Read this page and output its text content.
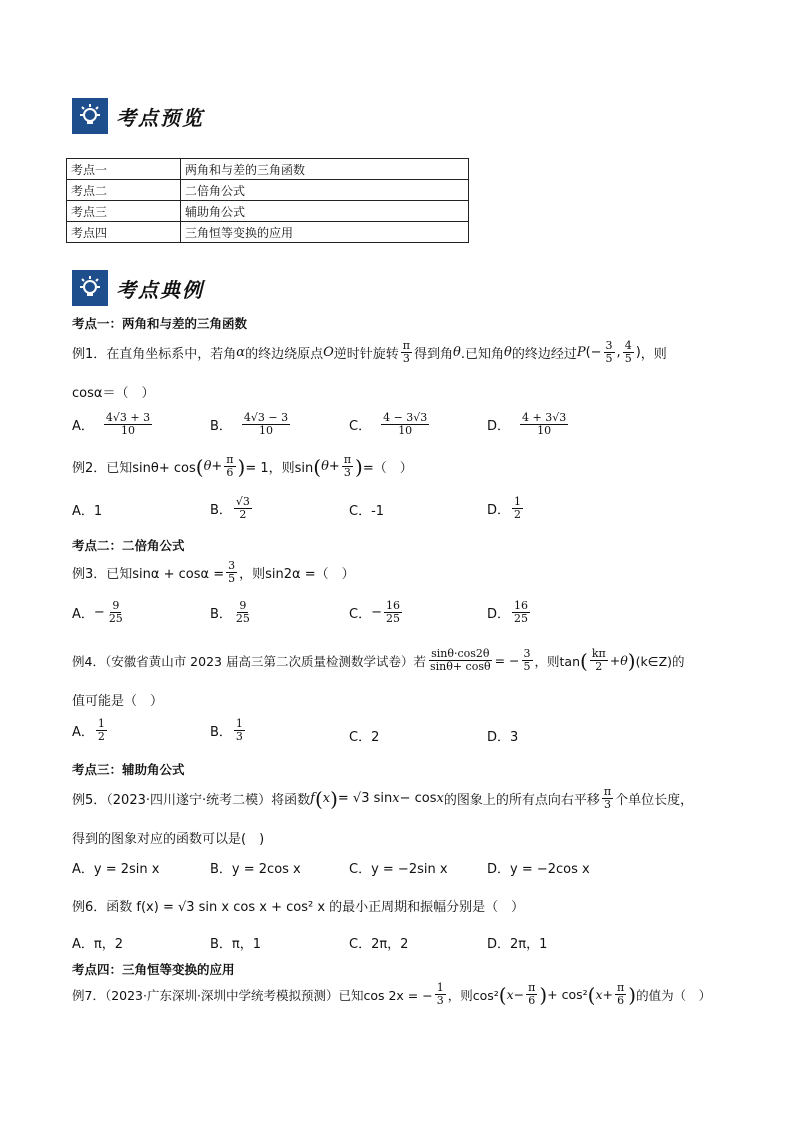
考点预览
考点一	两角和与差的三角函数
考点二	二倍角公式
考点三	辅助角公式
考点四	三角恒等变换的应用
考点典例
考点一：两角和与差的三角函数
例1．在直角坐标系中，若角 α 的终边绕原点 O 逆时针旋转 $\frac{\pi}{3}$ 得到角 θ .已知角 θ 的终边经过 P (− $\frac{3}{5}$ , $\frac{4}{5}$ ) ，则
cosα＝（　）
A． $\frac{4√3 + 3}{10}$	B． $\frac{4√3 - 3}{10}$	C． $\frac{4 - 3√3}{10}$	D． $\frac{4 + 3√3}{10}$
例2．已知sinθ+ cos ( $\theta + \frac{\pi}{6}$ ) = 1，则sin ( $\theta + \frac{\pi}{3}$ ) =（　）
A．1	B． $\frac{√3}{2}$	C．-1	D． $\frac{1}{2}$
考点二：二倍角公式
例3．已知$\sin\alpha + \cos\alpha = \frac{3}{5}$ ，则sin2α =（　）
A． − $\frac{9}{25}$	B． $\frac{9}{25}$	C． − $\frac{16}{25}$	D． $\frac{16}{25}$
例4．（安徽省黄山市 2023 届高三第二次质量检测数学试卷）若 $\frac{\sin\theta\cdot\cos 2\theta}{\sin\theta+ \cos\theta}$ = − $\frac{3}{5}$ ，则tan ( $\frac{k\pi}{2} + \theta$ ) (k∈Z)的
值可能是（　）
A． $\frac{1}{2}$	B． $\frac{1}{3}$	C．2	D．3
考点三：辅助角公式
例5．（2023·四川遂宁·统考二模）将函数 f ( x ) = √3 sin x − cos x 的图象上的所有点向右平移 $\frac{\pi}{3}$ 个单位长度，
得到的图象对应的函数可以是(　)
A．y = 2sin x	B．y = 2cos x	C．y = −2sin x	D．y = −2cos x
例6．函数 f(x) = √3 sin x cos x + cos² x 的最小正周期和振幅分别是（　）
A．π，2	B．π，1	C．2π，2	D．2π，1
考点四：三角恒等变换的应用
例7．（2023·广东深圳·深圳中学统考模拟预测）已知cos 2x = − $\frac{1}{3}$ ，则cos² ( $x - \frac{\pi}{6}$ ) + cos² ( $x + \frac{\pi}{6}$ ) 的值为（　）
